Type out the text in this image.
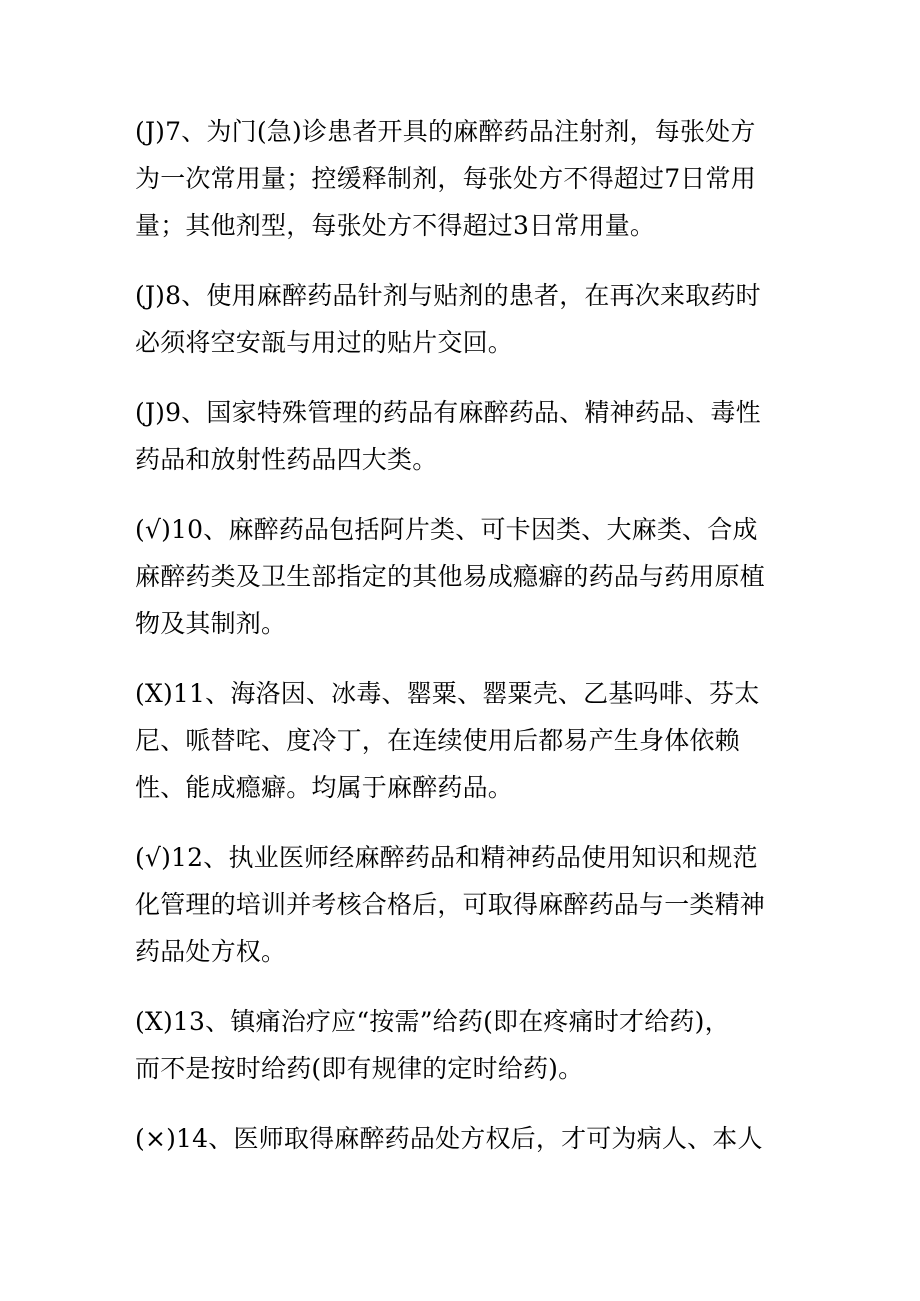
(J)7、为门(急)诊患者开具的麻醉药品注射剂，每张处方
为一次常用量；控缓释制剂，每张处方不得超过7日常用
量；其他剂型，每张处方不得超过3日常用量。
(J)8、使用麻醉药品针剂与贴剂的患者，在再次来取药时
必须将空安瓿与用过的贴片交回。
(J)9、国家特殊管理的药品有麻醉药品、精神药品、毒性
药品和放射性药品四大类。
(√)10、麻醉药品包括阿片类、可卡因类、大麻类、合成
麻醉药类及卫生部指定的其他易成瘾癖的药品与药用原植
物及其制剂。
(X)11、海洛因、冰毒、罂粟、罂粟壳、乙基吗啡、芬太
尼、哌替咤、度冷丁，在连续使用后都易产生身体依赖
性、能成瘾癖。均属于麻醉药品。
(√)12、执业医师经麻醉药品和精神药品使用知识和规范
化管理的培训并考核合格后，可取得麻醉药品与一类精神
药品处方权。
(X)13、镇痛治疗应“按需”给药(即在疼痛时才给药)，
而不是按时给药(即有规律的定时给药)。
(×)14、医师取得麻醉药品处方权后，才可为病人、本人
